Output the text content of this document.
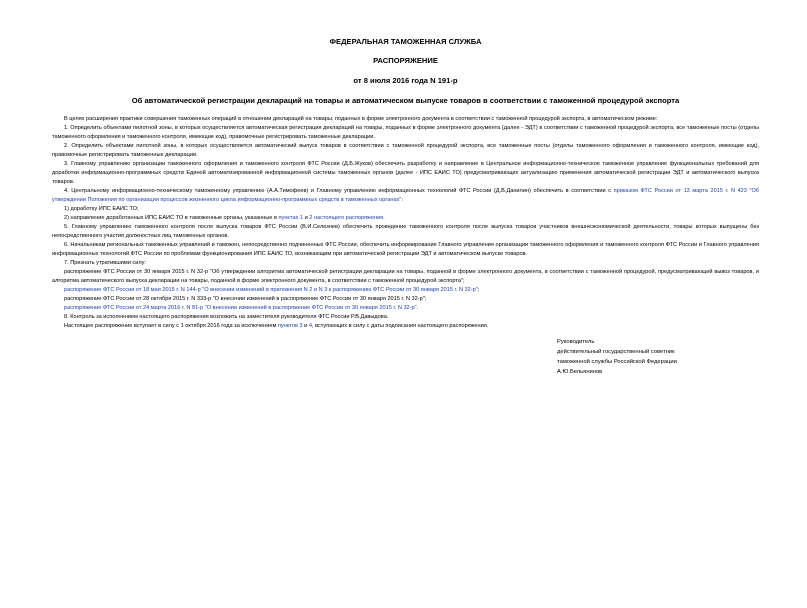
ФЕДЕРАЛЬНАЯ ТАМОЖЕННАЯ СЛУЖБА
РАСПОРЯЖЕНИЕ
от 8 июля 2016 года N 191-р
Об автоматической регистрации деклараций на товары и автоматическом выпуске товаров в соответствии с таможенной процедурой экспорта

В целях расширения практики совершения таможенных операций в отношении деклараций на товары, поданных в форме электронного документа в соответствии с таможенной процедурой экспорта, в автоматическом режиме:

1. Определить объектами пилотной зоны, в которых осуществляется автоматическая регистрация деклараций на товары, поданных в форме электронного документа (далее - ЭДТ) в соответствии с таможенной процедурой экспорта, все таможенные посты (отделы таможенного оформления и таможенного контроля, имеющие код), правомочные регистрировать таможенные декларации.

2. Определить объектами пилотной зоны, в которых осуществляется автоматический выпуск товаров в соответствии с таможенной процедурой экспорта, все таможенные посты (отделы таможенного оформления и таможенного контроля, имеющие код), правомочные регистрировать таможенные декларации.

3. Главному управлению организации таможенного оформления и таможенного контроля ФТС России (Д.Б.Жуков) обеспечить разработку и направление в Центральное информационно-техническое таможенное управление функциональных требований для доработки информационно-программных средств Единой автоматизированной информационной системы таможенных органов (далее - ИПС ЕАИС ТО) предусматривающих актуализацию применения автоматической регистрации ЭДТ и автоматического выпуска товаров.

4. Центральному информационно-техническому таможенному управлению (А.А.Тимофеев) и Главному управлению информационных технологий ФТС России (Д.В.Данилин) обеспечить в соответствии с приказом ФТС России от 13 марта 2015 г. N 423 "Об утверждении Положения по организации процессов жизненного цикла информационно-программных средств в таможенных органах":

1) доработку ИПС ЕАИС ТО;

2) направление доработанных ИПС ЕАИС ТО в таможенные органы, указанные в пунктах 1 и 2 настоящего распоряжения.

5. Главному управлению таможенного контроля после выпуска товаров ФТС России (В.И.Селезнев) обеспечить проведение таможенного контроля после выпуска товаров участников внешнеэкономической деятельности, товары которых выпущены без непосредственного участия должностных лиц таможенных органов.

6. Начальникам региональных таможенных управлений и таможен, непосредственно подчиненных ФТС России, обеспечить информирование Главного управления организации таможенного оформления и таможенного контроля ФТС России и Главного управления информационных технологий ФТС России по проблемам функционирования ИПС ЕАИС ТО, возникающим при автоматической регистрации ЭДТ и автоматическом выпуске товаров.

7. Признать утратившими силу:

распоряжение ФТС России от 30 января 2015 г. N 32-р "Об утверждении алгоритма автоматической регистрации декларации на товары, поданной в форме электронного документа, в соответствии с таможенной процедурой, предусматривающей вывоз товаров, и алгоритма автоматического выпуска декларации на товары, поданной в форме электронного документа, в соответствии с таможенной процедурой экспорта";

распоряжение ФТС России от 18 мая 2015 г. N 144-р "О внесении изменений в приложения N 2 и N 3 к распоряжению ФТС России от 30 января 2015 г. N 32-р";

распоряжение ФТС России от 28 октября 2015 г. N 333-р "О внесении изменений в распоряжение ФТС России от 30 января 2015 г. N 32-р";

распоряжение ФТС России от 24 марта 2016 г. N 81-р "О внесении изменений в распоряжение ФТС России от 30 января 2015 г. N 32-р".

8. Контроль за исполнением настоящего распоряжения возложить на заместителя руководителя ФТС России Р.В.Давыдова.

Настоящее распоряжение вступает в силу с 1 октября 2016 года за исключением пунктов 3 и 4, вступающих в силу с даты подписания настоящего распоряжения.

Руководитель
действительный государственный советник
таможенной службы Российской Федерации
А.Ю.Бельянинов
